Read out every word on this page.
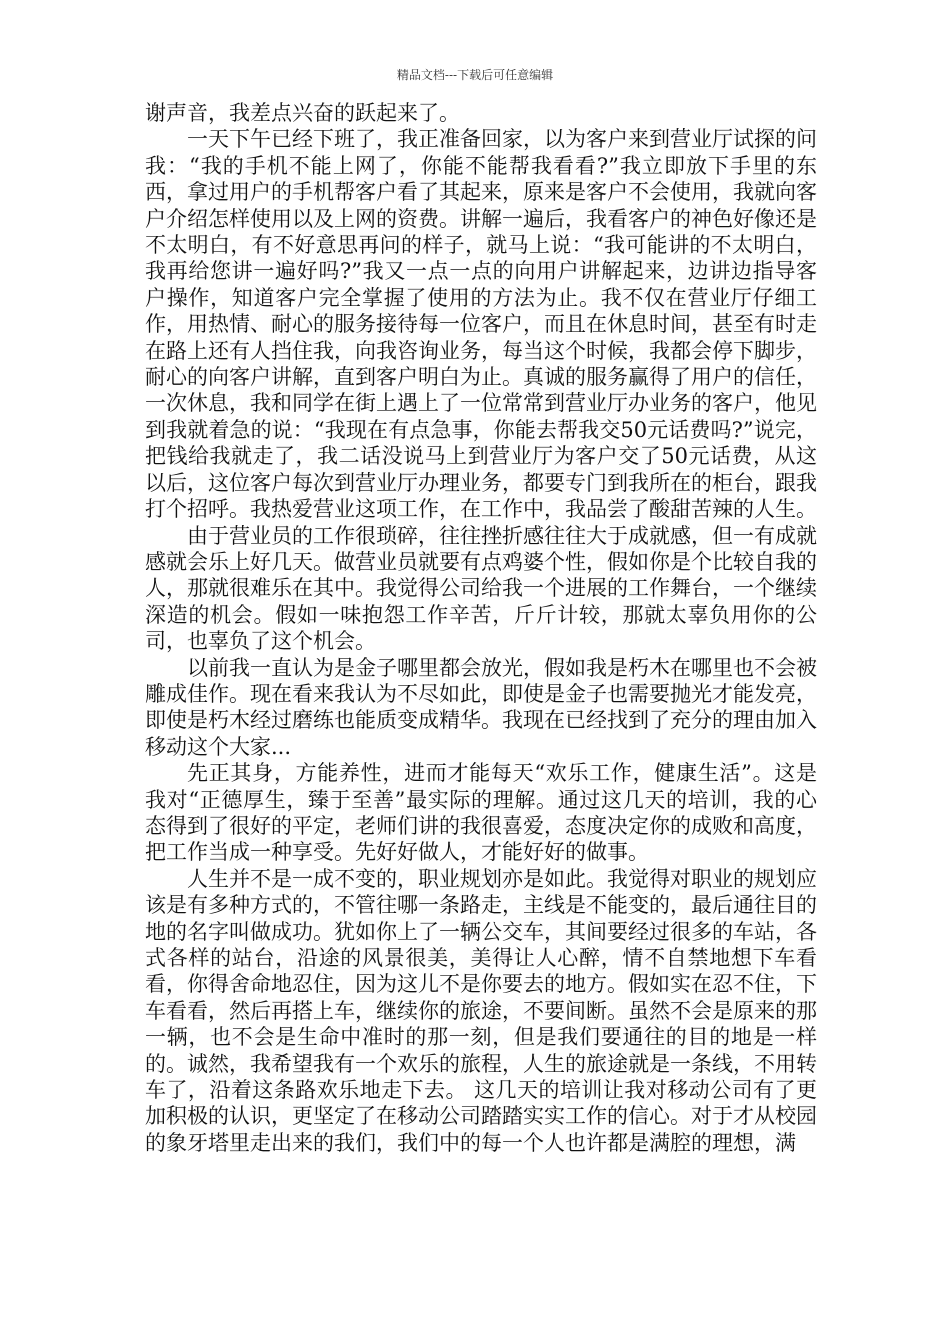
精品文档---下载后可任意编辑

谢声音，我差点兴奋的跃起来了。

一天下午已经下班了，我正准备回家，以为客户来到营业厅试探的问我：“我的手机不能上网了，你能不能帮我看看?”我立即放下手里的东西，拿过用户的手机帮客户看了其起来，原来是客户不会使用，我就向客户介绍怎样使用以及上网的资费。讲解一遍后，我看客户的神色好像还是不太明白，有不好意思再问的样子，就马上说：“我可能讲的不太明白，我再给您讲一遍好吗?”我又一点一点的向用户讲解起来，边讲边指导客户操作，知道客户完全掌握了使用的方法为止。我不仅在营业厅仔细工作，用热情、耐心的服务接待每一位客户，而且在休息时间，甚至有时走在路上还有人挡住我，向我咨询业务，每当这个时候，我都会停下脚步，耐心的向客户讲解，直到客户明白为止。真诚的服务赢得了用户的信任，一次休息，我和同学在街上遇上了一位常常到营业厅办业务的客户，他见到我就着急的说：“我现在有点急事，你能去帮我交50元话费吗?”说完，把钱给我就走了，我二话没说马上到营业厅为客户交了50元话费，从这以后，这位客户每次到营业厅办理业务，都要专门到我所在的柜台，跟我打个招呼。我热爱营业这项工作，在工作中，我品尝了酸甜苦辣的人生。

由于营业员的工作很琐碎，往往挫折感往往大于成就感，但一有成就感就会乐上好几天。做营业员就要有点鸡婆个性，假如你是个比较自我的人，那就很难乐在其中。我觉得公司给我一个进展的工作舞台，一个继续深造的机会。假如一味抱怨工作辛苦，斤斤计较，那就太辜负用你的公司，也辜负了这个机会。

以前我一直认为是金子哪里都会放光，假如我是朽木在哪里也不会被雕成佳作。现在看来我认为不尽如此，即使是金子也需要抛光才能发亮，即使是朽木经过磨练也能质变成精华。我现在已经找到了充分的理由加入移动这个大家...

先正其身，方能养性，进而才能每天“欢乐工作，健康生活”。这是我对“正德厚生，臻于至善”最实际的理解。通过这几天的培训，我的心态得到了很好的平定，老师们讲的我很喜爱，态度决定你的成败和高度，把工作当成一种享受。先好好做人，才能好好的做事。

人生并不是一成不变的，职业规划亦是如此。我觉得对职业的规划应该是有多种方式的，不管往哪一条路走，主线是不能变的，最后通往目的地的名字叫做成功。犹如你上了一辆公交车，其间要经过很多的车站，各式各样的站台，沿途的风景很美，美得让人心醉，情不自禁地想下车看看，你得舍命地忍住，因为这儿不是你要去的地方。假如实在忍不住，下车看看，然后再搭上车，继续你的旅途，不要间断。虽然不会是原来的那一辆，也不会是生命中准时的那一刻，但是我们要通往的目的地是一样的。诚然，我希望我有一个欢乐的旅程，人生的旅途就是一条线，不用转车了，沿着这条路欢乐地走下去。 这几天的培训让我对移动公司有了更加积极的认识，更坚定了在移动公司踏踏实实工作的信心。对于才从校园的象牙塔里走出来的我们，我们中的每一个人也许都是满腔的理想，满
